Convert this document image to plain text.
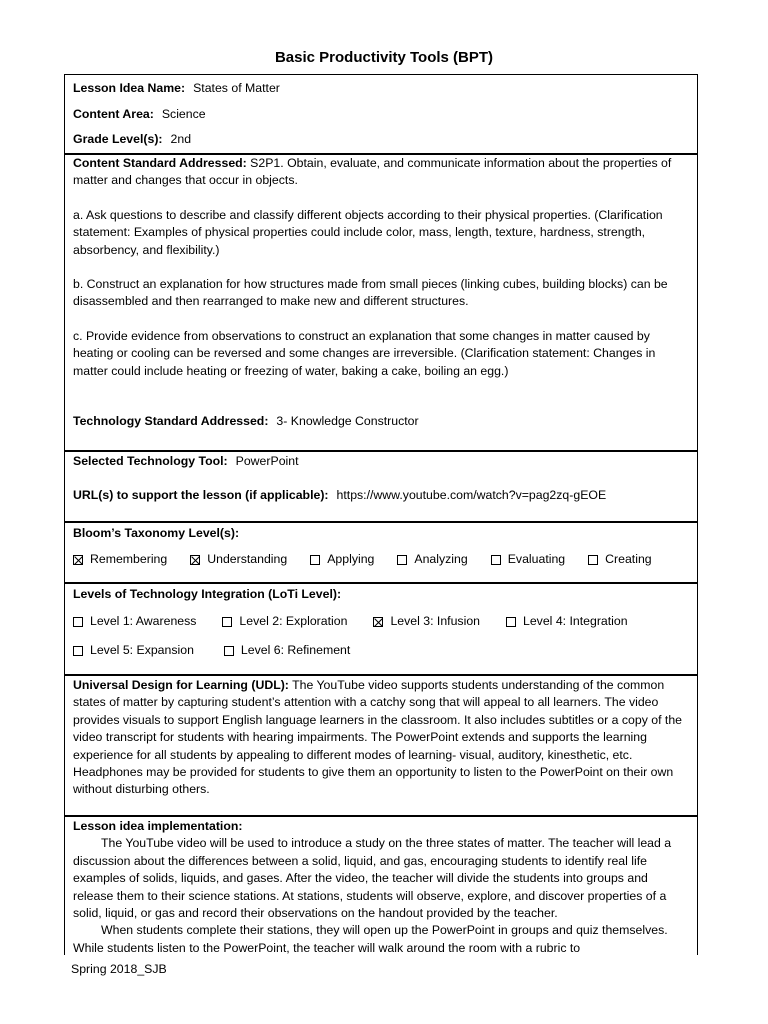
Basic Productivity Tools (BPT)
Lesson Idea Name: States of Matter
Content Area: Science
Grade Level(s): 2nd

Content Standard Addressed: S2P1. Obtain, evaluate, and communicate information about the properties of matter and changes that occur in objects.

a. Ask questions to describe and classify different objects according to their physical properties. (Clarification statement: Examples of physical properties could include color, mass, length, texture, hardness, strength, absorbency, and flexibility.)

b. Construct an explanation for how structures made from small pieces (linking cubes, building blocks) can be disassembled and then rearranged to make new and different structures.

c. Provide evidence from observations to construct an explanation that some changes in matter caused by heating or cooling can be reversed and some changes are irreversible. (Clarification statement: Changes in matter could include heating or freezing of water, baking a cake, boiling an egg.)

Technology Standard Addressed: 3- Knowledge Constructor

Selected Technology Tool: PowerPoint

URL(s) to support the lesson (if applicable): https://www.youtube.com/watch?v=pag2zq-gEOE

Bloom’s Taxonomy Level(s):

Remembering	Understanding	Applying	Analyzing	Evaluating	Creating

Levels of Technology Integration (LoTi Level):

Level 1: Awareness	Level 2: Exploration	Level 3: Infusion	Level 4: Integration
Level 5: Expansion	Level 6: Refinement

Universal Design for Learning (UDL): The YouTube video supports students understanding of the common states of matter by capturing student’s attention with a catchy song that will appeal to all learners. The video provides visuals to support English language learners in the classroom. It also includes subtitles or a copy of the video transcript for students with hearing impairments. The PowerPoint extends and supports the learning experience for all students by appealing to different modes of learning- visual, auditory, kinesthetic, etc. Headphones may be provided for students to give them an opportunity to listen to the PowerPoint on their own without disturbing others.

Lesson idea implementation:

The YouTube video will be used to introduce a study on the three states of matter. The teacher will lead a discussion about the differences between a solid, liquid, and gas, encouraging students to identify real life examples of solids, liquids, and gases. After the video, the teacher will divide the students into groups and release them to their science stations. At stations, students will observe, explore, and discover properties of a solid, liquid, or gas and record their observations on the handout provided by the teacher.

When students complete their stations, they will open up the PowerPoint in groups and quiz themselves. While students listen to the PowerPoint, the teacher will walk around the room with a rubric to

Spring 2018_SJB
